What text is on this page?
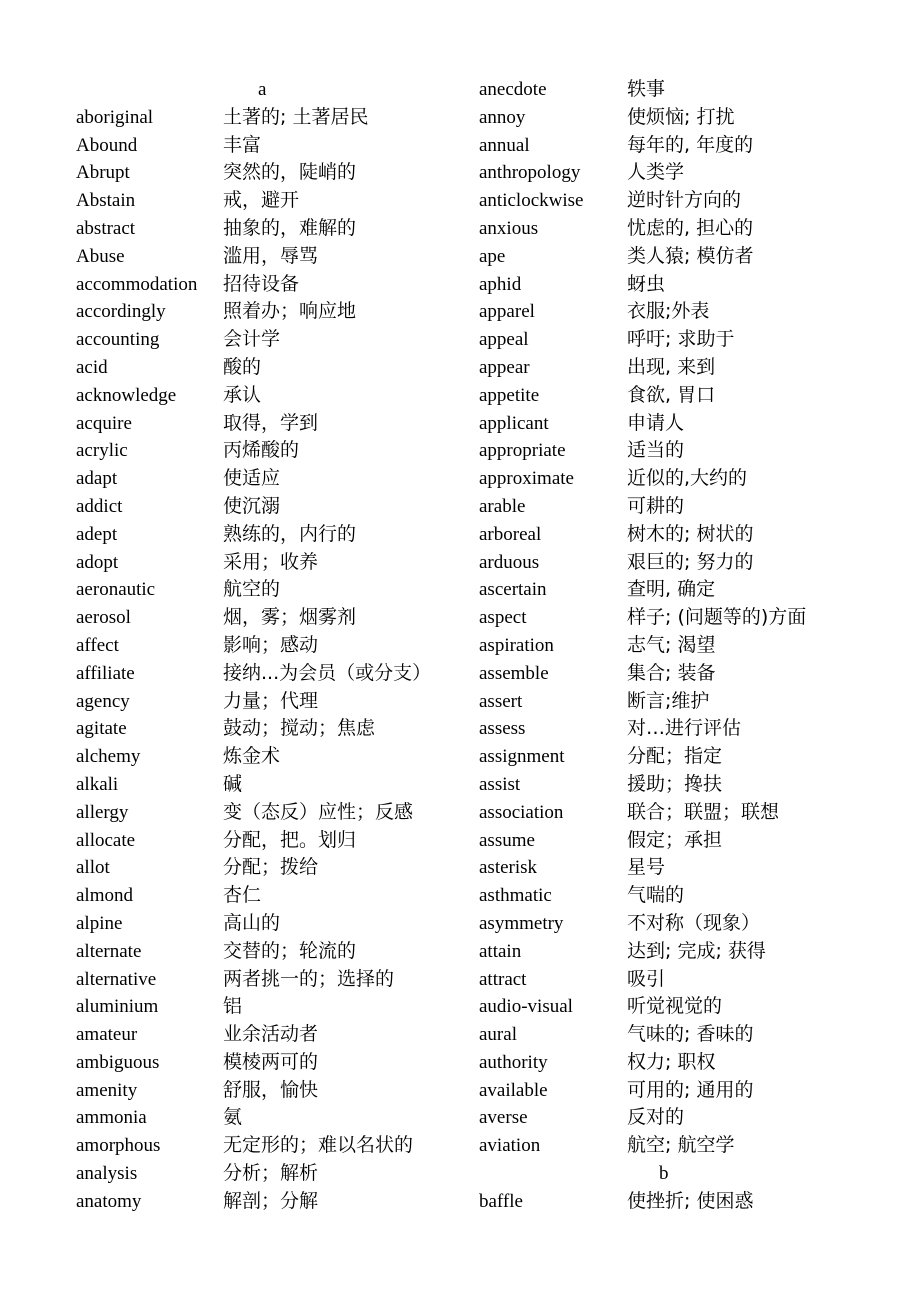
a
aboriginal	土著的; 土著居民
Abound	丰富
Abrupt	突然的，陡峭的
Abstain	戒，避开
abstract	抽象的，难解的
Abuse	滥用，辱骂
accommodation	招待设备
accordingly	照着办；响应地
accounting	会计学
acid	酸的
acknowledge	承认
acquire	取得，学到
acrylic	丙烯酸的
adapt	使适应
addict	使沉溺
adept	熟练的，内行的
adopt	采用；收养
aeronautic	航空的
aerosol	烟，雾；烟雾剂
affect	影响；感动
affiliate	接纳...为会员（或分支）
agency	力量；代理
agitate	鼓动；搅动；焦虑
alchemy	炼金术
alkali	碱
allergy	变（态反）应性；反感
allocate	分配，把。划归
allot	分配；拨给
almond	杏仁
alpine	高山的
alternate	交替的；轮流的
alternative	两者挑一的；选择的
aluminium	铝
amateur	业余活动者
ambiguous	模棱两可的
amenity	舒服，愉快
ammonia	氨
amorphous	无定形的；难以名状的
analysis	分析；解析
anatomy	解剖；分解
anecdote	轶事
annoy	使烦恼; 打扰
annual	每年的, 年度的
anthropology	人类学
anticlockwise	逆时针方向的
anxious	忧虑的, 担心的
ape	类人猿; 模仿者
aphid	蚜虫
apparel	衣服;外表
appeal	呼吁; 求助于
appear	出现, 来到
appetite	食欲, 胃口
applicant	申请人
appropriate	适当的
approximate	近似的,大约的
arable	可耕的
arboreal	树木的; 树状的
arduous	艰巨的; 努力的
ascertain	查明, 确定
aspect	样子; (问题等的)方面
aspiration	志气; 渴望
assemble	集合; 装备
assert	断言;维护
assess	对…进行评估
assignment	分配；指定
assist	援助；搀扶
association	联合；联盟；联想
assume	假定；承担
asterisk	星号
asthmatic	气喘的
asymmetry	不对称（现象）
attain	达到; 完成; 获得
attract	吸引
audio-visual	听觉视觉的
aural	气味的; 香味的
authority	权力; 职权
available	可用的; 通用的
averse	反对的
aviation	航空; 航空学
b
baffle	使挫折; 使困惑
